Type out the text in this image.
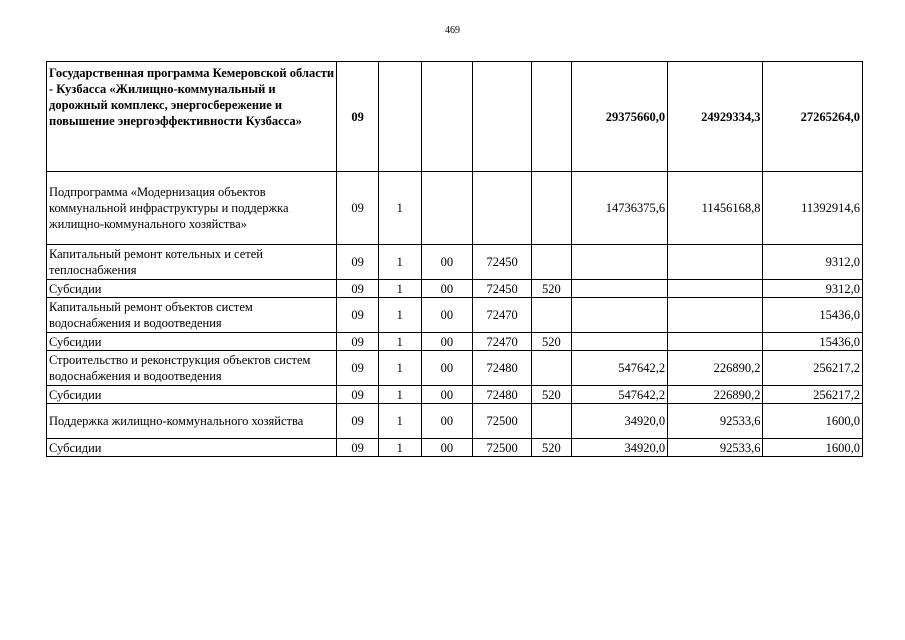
469
Государственная программа Кемеровской области - Кузбасса «Жилищно-коммунальный и дорожный комплекс, энергосбережение и повышение энергоэффективности Кузбасса»	09					29375660,0	24929334,3	27265264,0
Подпрограмма «Модернизация объектов коммунальной инфраструктуры и поддержка жилищно-коммунального хозяйства»	09	1				14736375,6	11456168,8	11392914,6
Капитальный ремонт котельных и сетей теплоснабжения	09	1	00	72450				9312,0
Субсидии	09	1	00	72450	520			9312,0
Капитальный ремонт объектов систем водоснабжения и водоотведения	09	1	00	72470				15436,0
Субсидии	09	1	00	72470	520			15436,0
Строительство и реконструкция объектов систем водоснабжения и водоотведения	09	1	00	72480		547642,2	226890,2	256217,2
Субсидии	09	1	00	72480	520	547642,2	226890,2	256217,2
Поддержка жилищно-коммунального хозяйства	09	1	00	72500		34920,0	92533,6	1600,0
Субсидии	09	1	00	72500	520	34920,0	92533,6	1600,0
